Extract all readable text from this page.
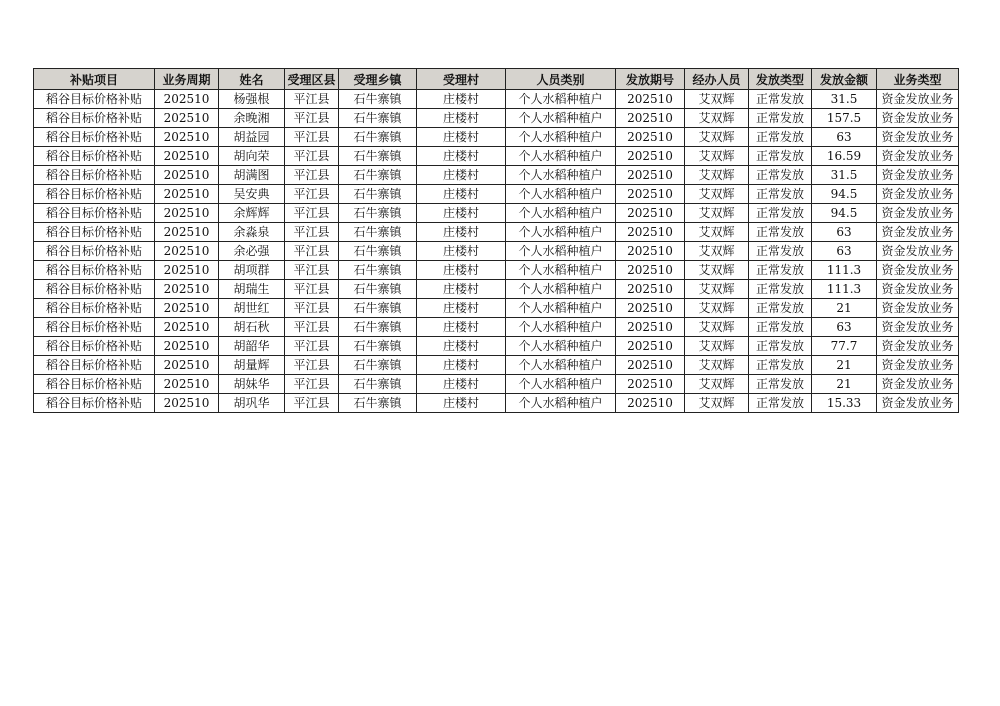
补贴项目	业务周期	姓名	受理区县	受理乡镇	受理村	人员类别	发放期号	经办人员	发放类型	发放金额	业务类型
稻谷目标价格补贴	202510	杨强根	平江县	石牛寨镇	庄楼村	个人水稻种植户	202510	艾双辉	正常发放	31.5	资金发放业务
稻谷目标价格补贴	202510	余晚湘	平江县	石牛寨镇	庄楼村	个人水稻种植户	202510	艾双辉	正常发放	157.5	资金发放业务
稻谷目标价格补贴	202510	胡益园	平江县	石牛寨镇	庄楼村	个人水稻种植户	202510	艾双辉	正常发放	63	资金发放业务
稻谷目标价格补贴	202510	胡向荣	平江县	石牛寨镇	庄楼村	个人水稻种植户	202510	艾双辉	正常发放	16.59	资金发放业务
稻谷目标价格补贴	202510	胡满图	平江县	石牛寨镇	庄楼村	个人水稻种植户	202510	艾双辉	正常发放	31.5	资金发放业务
稻谷目标价格补贴	202510	吴安典	平江县	石牛寨镇	庄楼村	个人水稻种植户	202510	艾双辉	正常发放	94.5	资金发放业务
稻谷目标价格补贴	202510	余辉辉	平江县	石牛寨镇	庄楼村	个人水稻种植户	202510	艾双辉	正常发放	94.5	资金发放业务
稻谷目标价格补贴	202510	余淼泉	平江县	石牛寨镇	庄楼村	个人水稻种植户	202510	艾双辉	正常发放	63	资金发放业务
稻谷目标价格补贴	202510	余必强	平江县	石牛寨镇	庄楼村	个人水稻种植户	202510	艾双辉	正常发放	63	资金发放业务
稻谷目标价格补贴	202510	胡项群	平江县	石牛寨镇	庄楼村	个人水稻种植户	202510	艾双辉	正常发放	111.3	资金发放业务
稻谷目标价格补贴	202510	胡瑞生	平江县	石牛寨镇	庄楼村	个人水稻种植户	202510	艾双辉	正常发放	111.3	资金发放业务
稻谷目标价格补贴	202510	胡世红	平江县	石牛寨镇	庄楼村	个人水稻种植户	202510	艾双辉	正常发放	21	资金发放业务
稻谷目标价格补贴	202510	胡石秋	平江县	石牛寨镇	庄楼村	个人水稻种植户	202510	艾双辉	正常发放	63	资金发放业务
稻谷目标价格补贴	202510	胡韶华	平江县	石牛寨镇	庄楼村	个人水稻种植户	202510	艾双辉	正常发放	77.7	资金发放业务
稻谷目标价格补贴	202510	胡量辉	平江县	石牛寨镇	庄楼村	个人水稻种植户	202510	艾双辉	正常发放	21	资金发放业务
稻谷目标价格补贴	202510	胡妹华	平江县	石牛寨镇	庄楼村	个人水稻种植户	202510	艾双辉	正常发放	21	资金发放业务
稻谷目标价格补贴	202510	胡巩华	平江县	石牛寨镇	庄楼村	个人水稻种植户	202510	艾双辉	正常发放	15.33	资金发放业务
